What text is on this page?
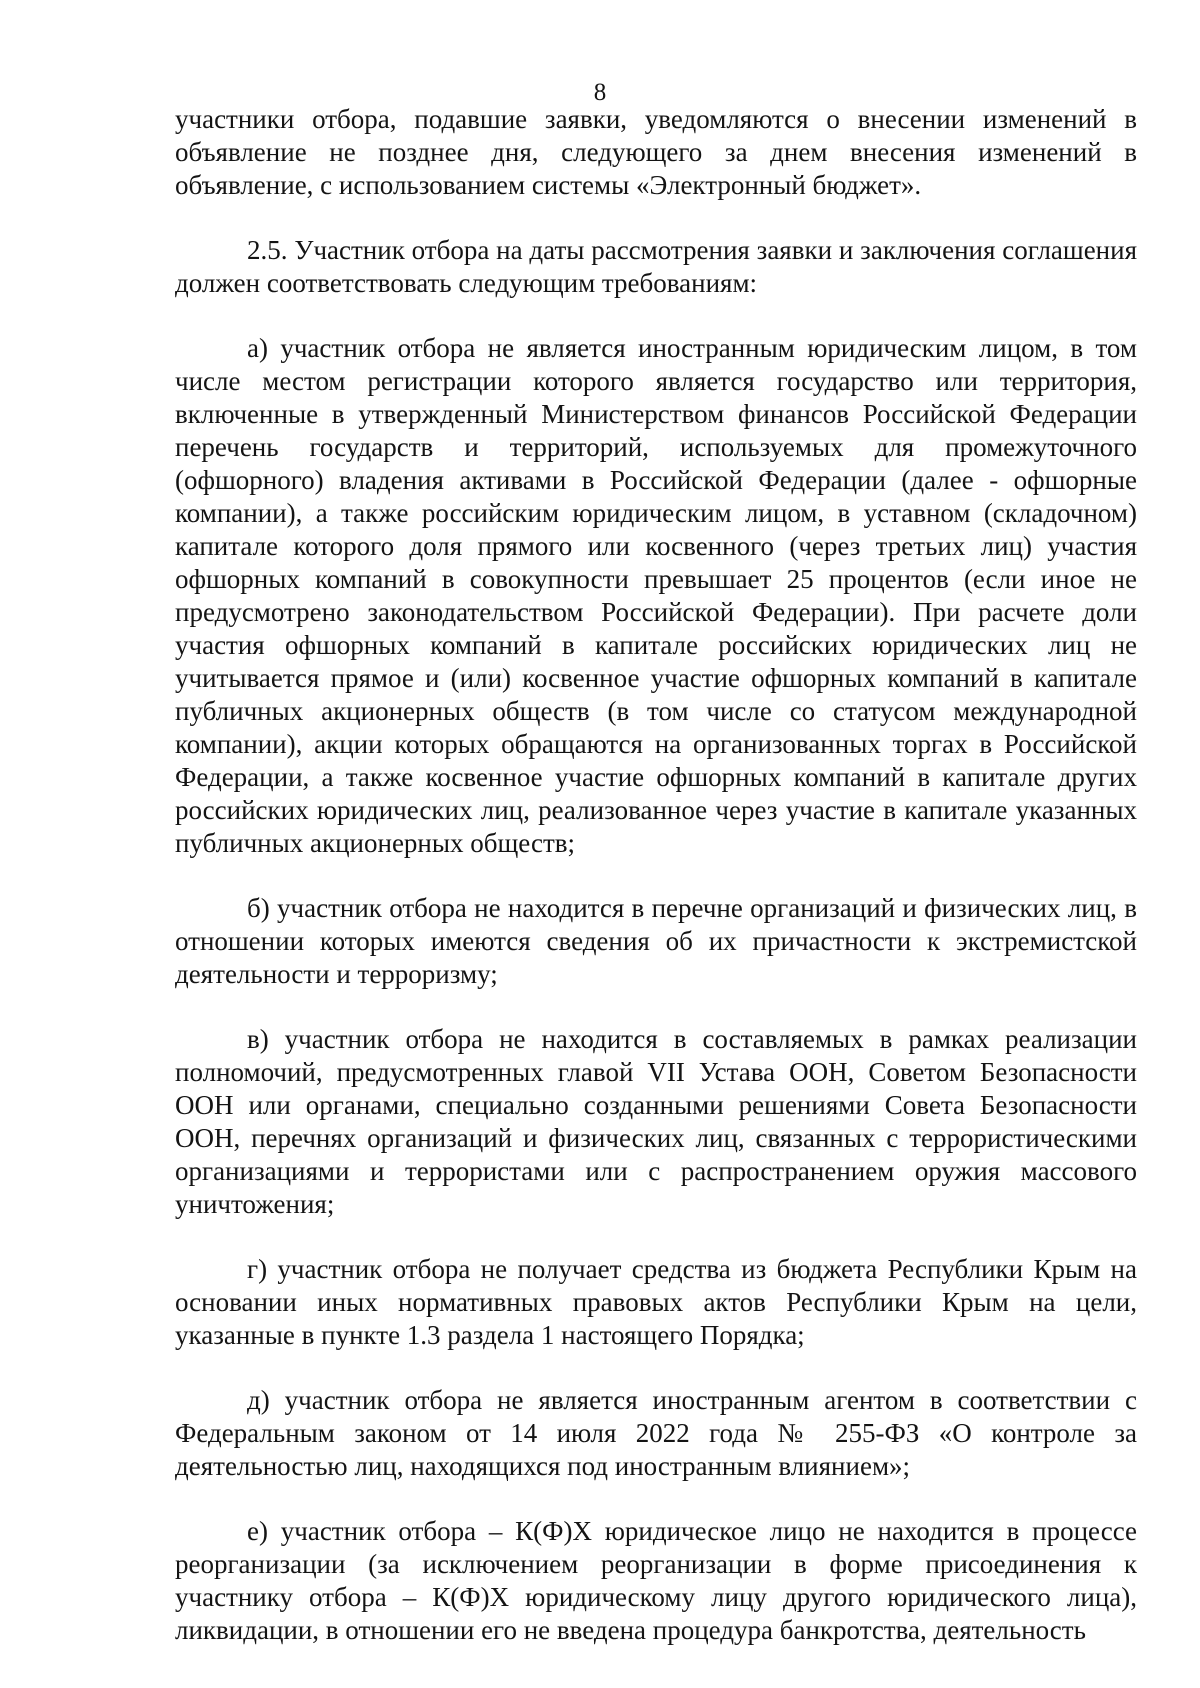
8

участники отбора, подавшие заявки, уведомляются о внесении изменений в объявление не позднее дня, следующего за днем внесения изменений в объявление, с использованием системы «Электронный бюджет».

2.5. Участник отбора на даты рассмотрения заявки и заключения соглашения должен соответствовать следующим требованиям:

а) участник отбора не является иностранным юридическим лицом, в том числе местом регистрации которого является государство или территория, включенные в утвержденный Министерством финансов Российской Федерации перечень государств и территорий, используемых для промежуточного (офшорного) владения активами в Российской Федерации (далее - офшорные компании), а также российским юридическим лицом, в уставном (складочном) капитале которого доля прямого или косвенного (через третьих лиц) участия офшорных компаний в совокупности превышает 25 процентов (если иное не предусмотрено законодательством Российской Федерации). При расчете доли участия офшорных компаний в капитале российских юридических лиц не учитывается прямое и (или) косвенное участие офшорных компаний в капитале публичных акционерных обществ (в том числе со статусом международной компании), акции которых обращаются на организованных торгах в Российской Федерации, а также косвенное участие офшорных компаний в капитале других российских юридических лиц, реализованное через участие в капитале указанных публичных акционерных обществ;

б) участник отбора не находится в перечне организаций и физических лиц, в отношении которых имеются сведения об их причастности к экстремистской деятельности и терроризму;

в) участник отбора не находится в составляемых в рамках реализации полномочий, предусмотренных главой VII Устава ООН, Советом Безопасности ООН или органами, специально созданными решениями Совета Безопасности ООН, перечнях организаций и физических лиц, связанных с террористическими организациями и террористами или с распространением оружия массового уничтожения;

г) участник отбора не получает средства из бюджета Республики Крым на основании иных нормативных правовых актов Республики Крым на цели, указанные в пункте 1.3 раздела 1 настоящего Порядка;

д) участник отбора не является иностранным агентом в соответствии с Федеральным законом от 14 июля 2022 года № 255-ФЗ «О контроле за деятельностью лиц, находящихся под иностранным влиянием»;

е) участник отбора – К(Ф)Х юридическое лицо не находится в процессе реорганизации (за исключением реорганизации в форме присоединения к участнику отбора – К(Ф)Х юридическому лицу другого юридического лица), ликвидации, в отношении его не введена процедура банкротства, деятельность
